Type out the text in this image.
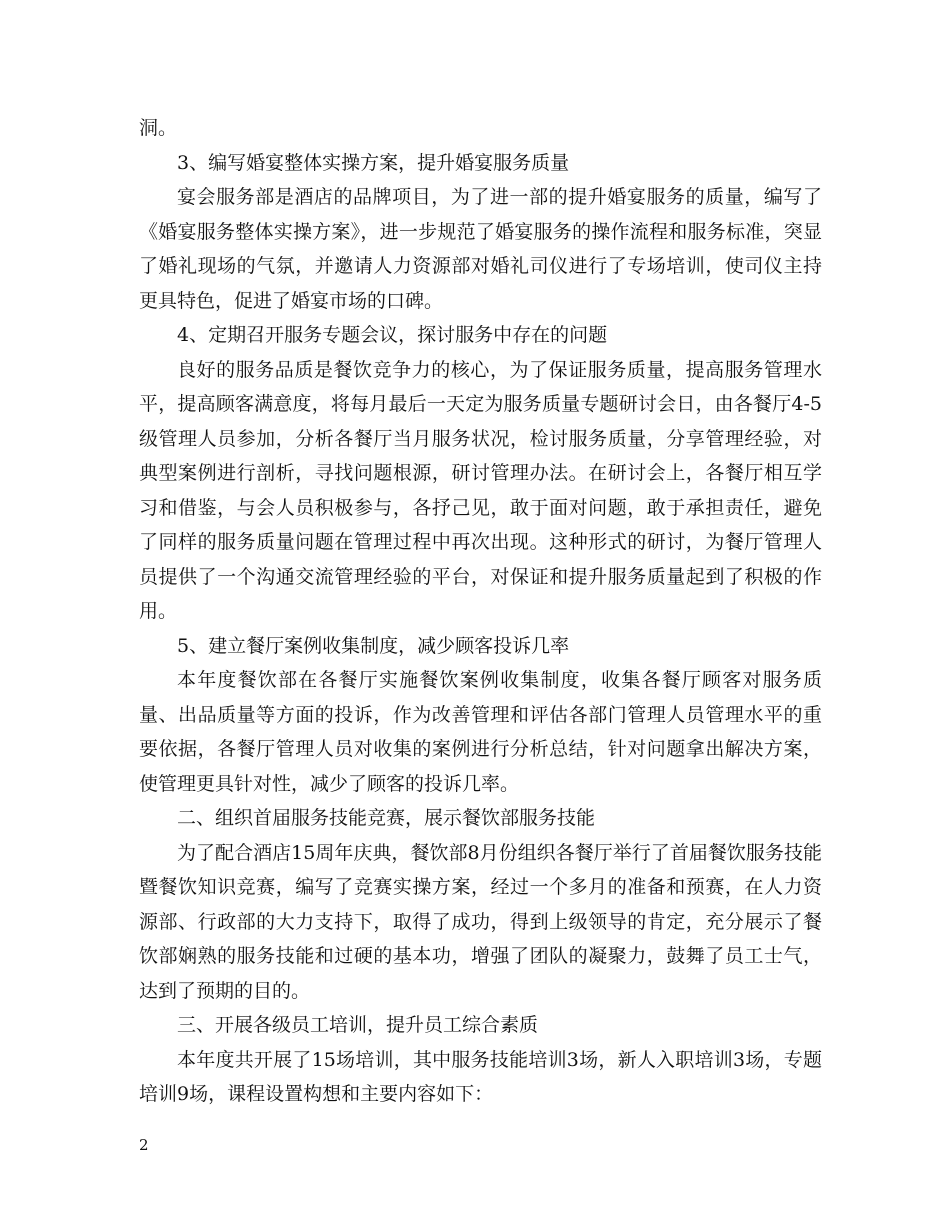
洞。

3、编写婚宴整体实操方案，提升婚宴服务质量

宴会服务部是酒店的品牌项目，为了进一部的提升婚宴服务的质量，编写了《婚宴服务整体实操方案》，进一步规范了婚宴服务的操作流程和服务标准，突显了婚礼现场的气氛，并邀请人力资源部对婚礼司仪进行了专场培训，使司仪主持更具特色，促进了婚宴市场的口碑。

4、定期召开服务专题会议，探讨服务中存在的问题

良好的服务品质是餐饮竞争力的核心，为了保证服务质量，提高服务管理水平，提高顾客满意度，将每月最后一天定为服务质量专题研讨会日，由各餐厅4-5级管理人员参加，分析各餐厅当月服务状况，检讨服务质量，分享管理经验，对典型案例进行剖析，寻找问题根源，研讨管理办法。在研讨会上，各餐厅相互学习和借鉴，与会人员积极参与，各抒己见，敢于面对问题，敢于承担责任，避免了同样的服务质量问题在管理过程中再次出现。这种形式的研讨，为餐厅管理人员提供了一个沟通交流管理经验的平台，对保证和提升服务质量起到了积极的作用。

5、建立餐厅案例收集制度，减少顾客投诉几率

本年度餐饮部在各餐厅实施餐饮案例收集制度，收集各餐厅顾客对服务质量、出品质量等方面的投诉，作为改善管理和评估各部门管理人员管理水平的重要依据，各餐厅管理人员对收集的案例进行分析总结，针对问题拿出解决方案，使管理更具针对性，减少了顾客的投诉几率。

二、组织首届服务技能竞赛，展示餐饮部服务技能

为了配合酒店15周年庆典，餐饮部8月份组织各餐厅举行了首届餐饮服务技能暨餐饮知识竞赛，编写了竞赛实操方案，经过一个多月的准备和预赛，在人力资源部、行政部的大力支持下，取得了成功，得到上级领导的肯定，充分展示了餐饮部娴熟的服务技能和过硬的基本功，增强了团队的凝聚力，鼓舞了员工士气，达到了预期的目的。

三、开展各级员工培训，提升员工综合素质

本年度共开展了15场培训，其中服务技能培训3场，新人入职培训3场，专题培训9场，课程设置构想和主要内容如下：

2
